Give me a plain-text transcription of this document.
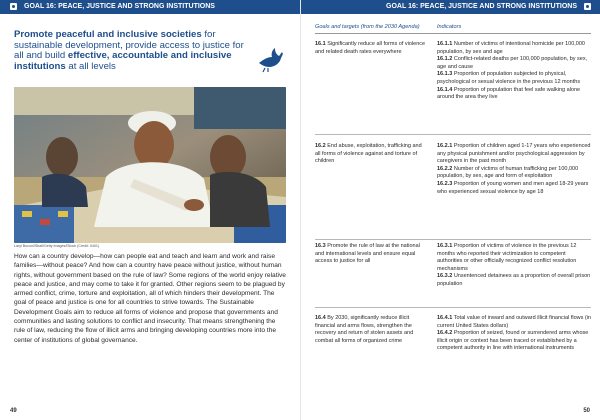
GOAL 16: PEACE, JUSTICE AND STRONG INSTITUTIONS
Promote peaceful and inclusive societies for sustainable development, provide access to justice for all and build effective, accountable and inclusive institutions at all levels
Laryi Boconi/Sbati/Getty Images/iStock (Credit: 0401)

How can a country develop—how can people eat and teach and learn and work and raise families—without peace? And how can a country have peace without justice, without human rights, without government based on the rule of law? Some regions of the world enjoy relative peace and justice, and may come to take it for granted. Other regions seem to be plagued by armed conflict, crime, torture and exploitation, all of which hinders their development. The goal of peace and justice is one for all countries to strive towards. The Sustainable Development Goals aim to reduce all forms of violence and propose that governments and communities and lasting solutions to conflict and insecurity. That means strengthening the rule of law, reducing the flow of illicit arms and bringing developing countries more into the center of institutions of global governance.

49
GOAL 16: PEACE, JUSTICE AND STRONG INSTITUTIONS
Goals and targets (from the 2030 Agenda)	Indicators
16.1 Significantly reduce all forms of violence and related death rates everywhere
16.1.1 Number of victims of intentional homicide per 100,000 population, by sex and age
16.1.2 Conflict-related deaths per 100,000 population, by sex, age and cause
16.1.3 Proportion of population subjected to physical, psychological or sexual violence in the previous 12 months
16.1.4 Proportion of population that feel safe walking alone around the area they live
16.2 End abuse, exploitation, trafficking and all forms of violence against and torture of children
16.2.1 Proportion of children aged 1-17 years who experienced any physical punishment and/or psychological aggression by caregivers in the past month
16.2.2 Number of victims of human trafficking per 100,000 population, by sex, age and form of exploitation
16.2.3 Proportion of young women and men aged 18-29 years who experienced sexual violence by age 18
16.3 Promote the rule of law at the national and international levels and ensure equal access to justice for all
16.3.1 Proportion of victims of violence in the previous 12 months who reported their victimization to competent authorities or other officially recognized conflict resolution mechanisms
16.3.2 Unsentenced detainees as a proportion of overall prison population
16.4 By 2030, significantly reduce illicit financial and arms flows, strengthen the recovery and return of stolen assets and combat all forms of organized crime
16.4.1 Total value of inward and outward illicit financial flows (in current United States dollars)
16.4.2 Proportion of seized, found or surrendered arms whose illicit origin or context has been traced or established by a competent authority in line with international instruments
50
